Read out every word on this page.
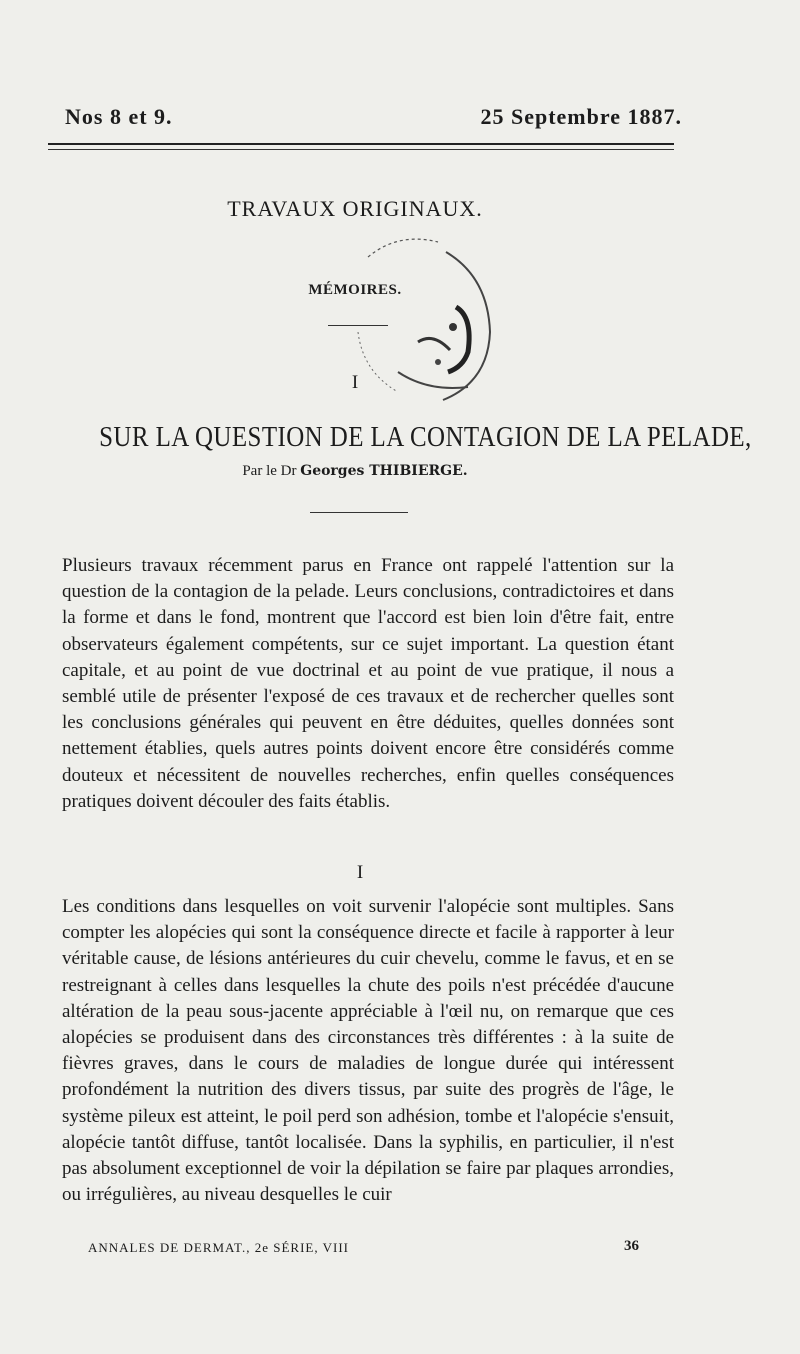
Nos 8 et 9.	25 Septembre 1887.
TRAVAUX ORIGINAUX.
MÉMOIRES.
I
SUR LA QUESTION DE LA CONTAGION DE LA PELADE,
Par le Dr Georges THIBIERGE.

Plusieurs travaux récemment parus en France ont rappelé l'attention sur la question de la contagion de la pelade. Leurs conclusions, contradictoires et dans la forme et dans le fond, montrent que l'accord est bien loin d'être fait, entre observateurs également compétents, sur ce sujet important. La question étant capitale, et au point de vue doctrinal et au point de vue pratique, il nous a semblé utile de présenter l'exposé de ces travaux et de rechercher quelles sont les conclusions générales qui peuvent en être déduites, quelles données sont nettement établies, quels autres points doivent encore être considérés comme douteux et nécessitent de nouvelles recherches, enfin quelles conséquences pratiques doivent découler des faits établis.

I

Les conditions dans lesquelles on voit survenir l'alopécie sont multiples. Sans compter les alopécies qui sont la conséquence directe et facile à rapporter à leur véritable cause, de lésions antérieures du cuir chevelu, comme le favus, et en se restreignant à celles dans lesquelles la chute des poils n'est précédée d'aucune altération de la peau sous-jacente appréciable à l'œil nu, on remarque que ces alopécies se produisent dans des circonstances très différentes : à la suite de fièvres graves, dans le cours de maladies de longue durée qui intéressent profondément la nutrition des divers tissus, par suite des progrès de l'âge, le système pileux est atteint, le poil perd son adhésion, tombe et l'alopécie s'ensuit, alopécie tantôt diffuse, tantôt localisée. Dans la syphilis, en particulier, il n'est pas absolument exceptionnel de voir la dépilation se faire par plaques arrondies, ou irrégulières, au niveau desquelles le cuir

ANNALES DE DERMAT., 2e SÉRIE, VIII	36
